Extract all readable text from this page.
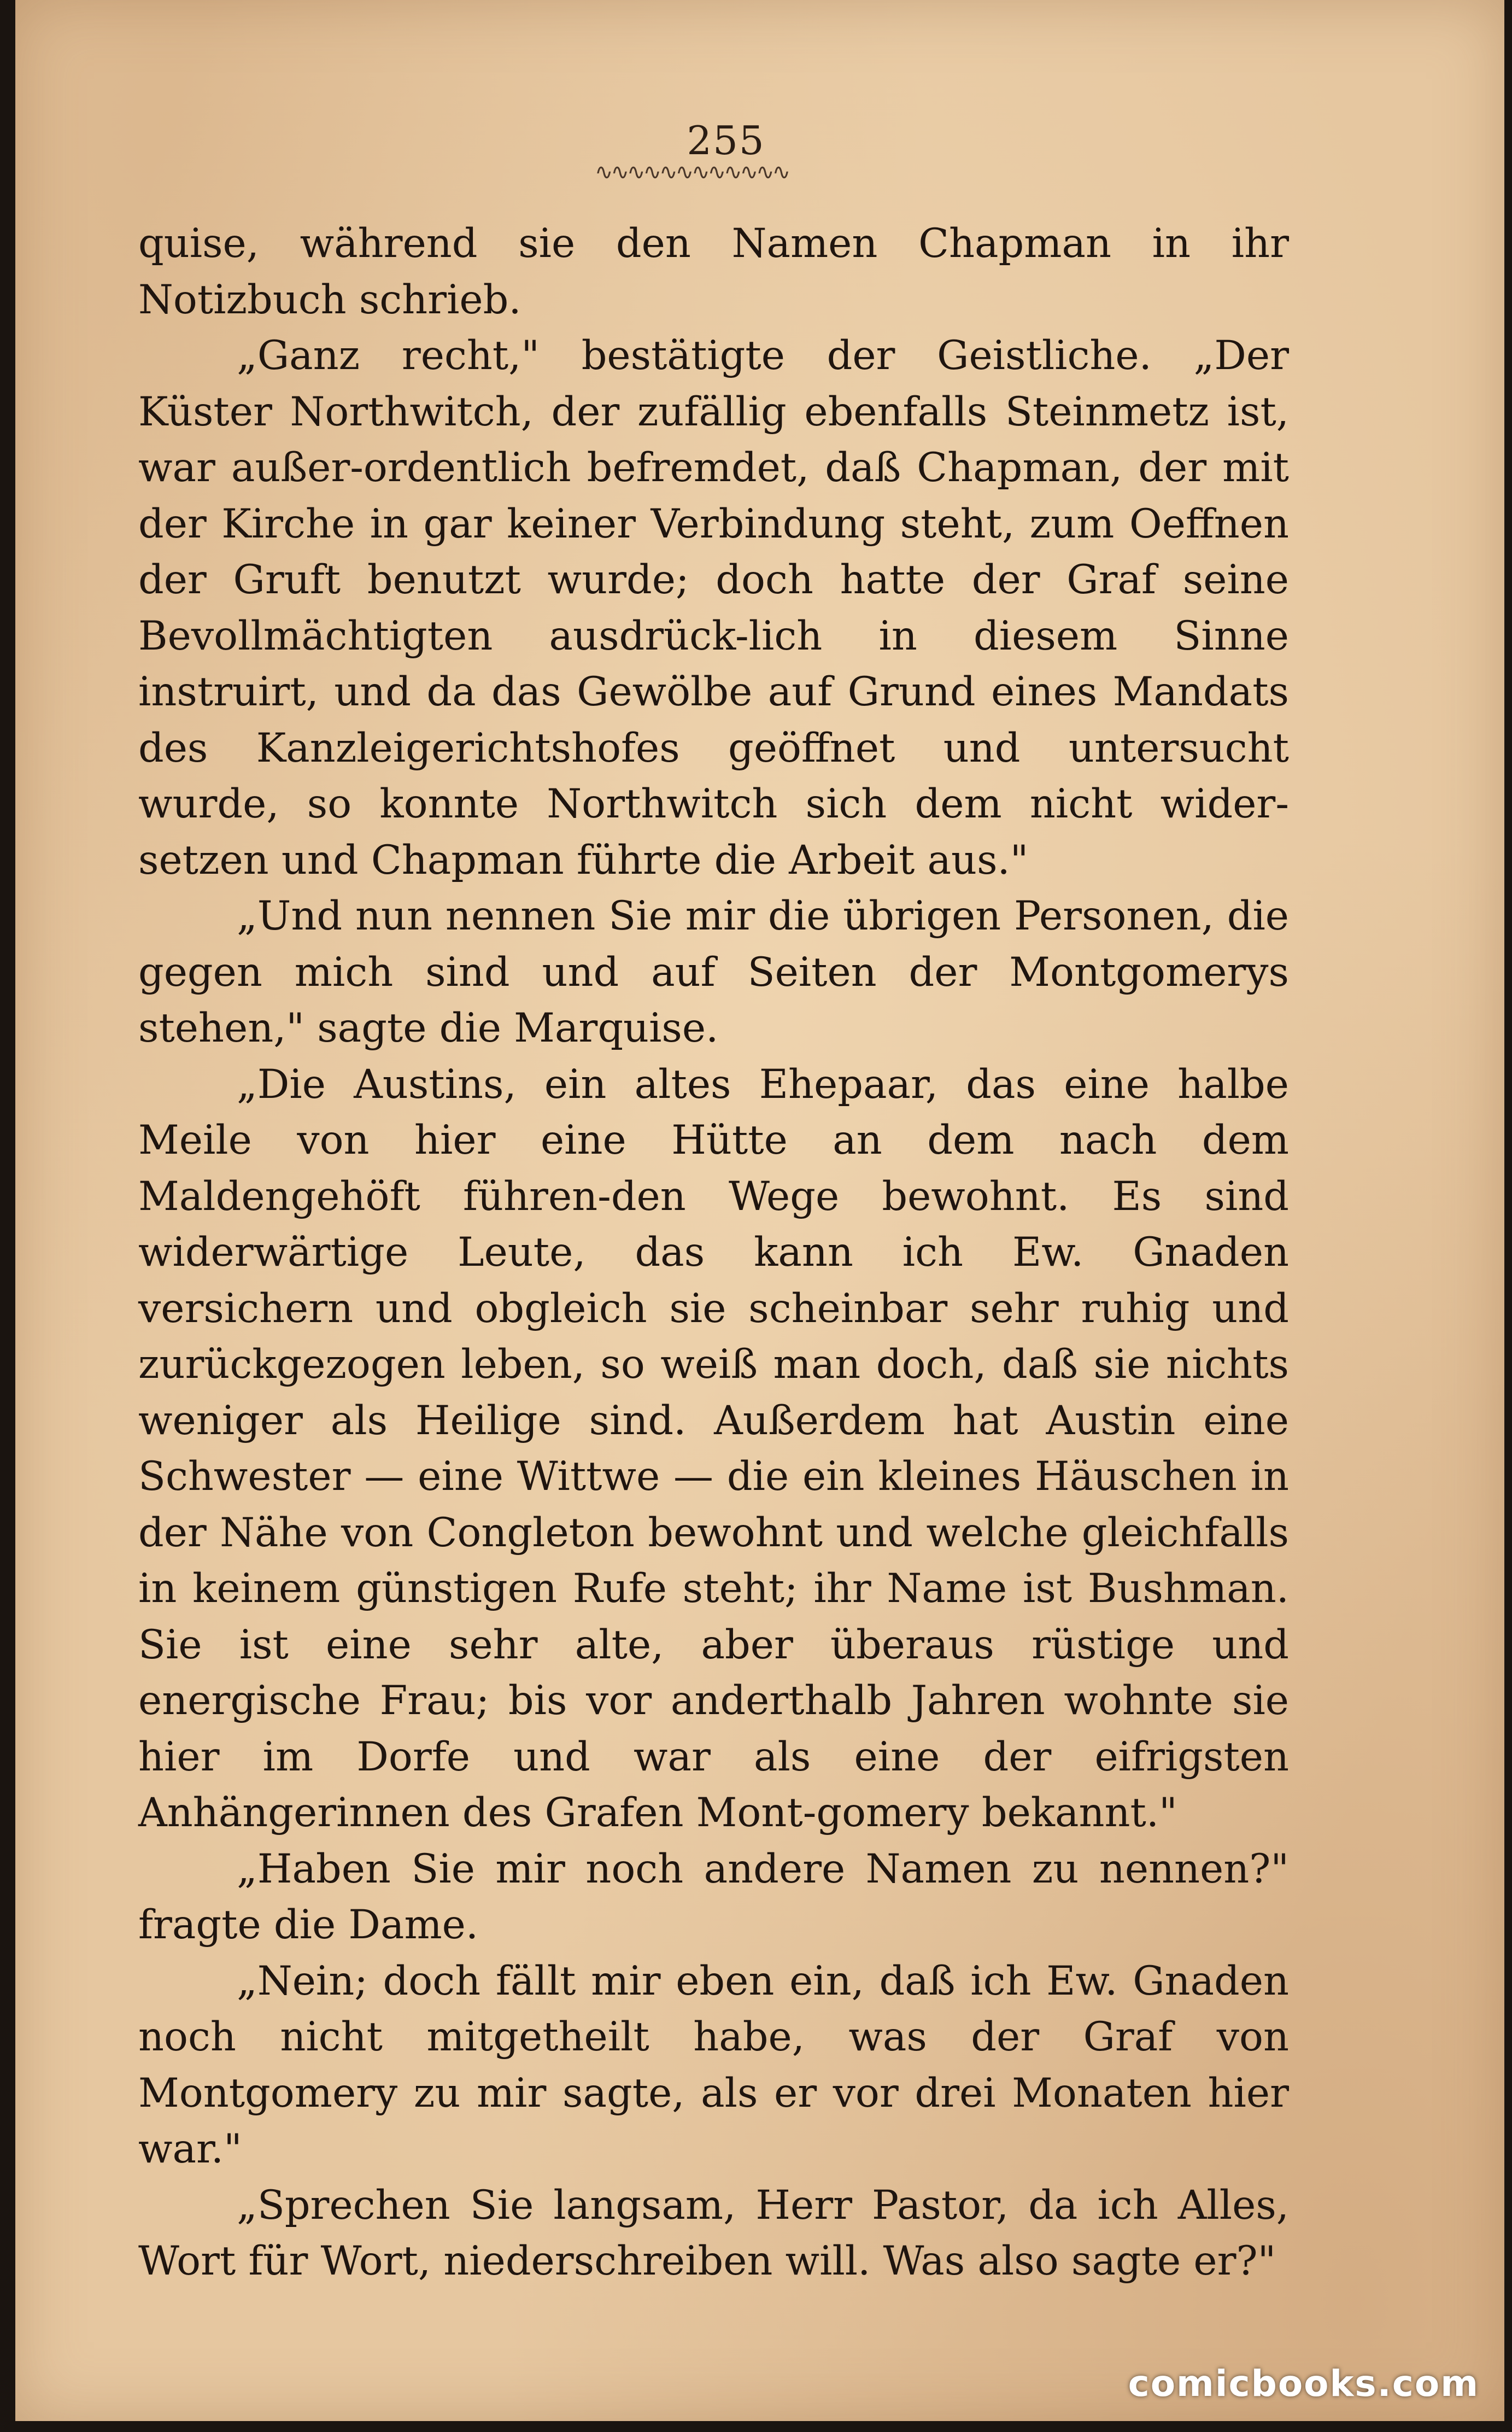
255
∿∿∿∿∿∿∿∿∿∿∿∿

quise, während sie den Namen Chapman in ihr Notizbuch schrieb.

„Ganz recht," bestätigte der Geistliche. „Der Küster Northwitch, der zufällig ebenfalls Steinmetz ist, war außer-ordentlich befremdet, daß Chapman, der mit der Kirche in gar keiner Verbindung steht, zum Oeffnen der Gruft benutzt wurde; doch hatte der Graf seine Bevollmächtigten ausdrück-lich in diesem Sinne instruirt, und da das Gewölbe auf Grund eines Mandats des Kanzleigerichtshofes geöffnet und untersucht wurde, so konnte Northwitch sich dem nicht wider-setzen und Chapman führte die Arbeit aus."

„Und nun nennen Sie mir die übrigen Personen, die gegen mich sind und auf Seiten der Montgomerys stehen," sagte die Marquise.

„Die Austins, ein altes Ehepaar, das eine halbe Meile von hier eine Hütte an dem nach dem Maldengehöft führen-den Wege bewohnt. Es sind widerwärtige Leute, das kann ich Ew. Gnaden versichern und obgleich sie scheinbar sehr ruhig und zurückgezogen leben, so weiß man doch, daß sie nichts weniger als Heilige sind. Außerdem hat Austin eine Schwester — eine Wittwe — die ein kleines Häuschen in der Nähe von Congleton bewohnt und welche gleichfalls in keinem günstigen Rufe steht; ihr Name ist Bushman. Sie ist eine sehr alte, aber überaus rüstige und energische Frau; bis vor anderthalb Jahren wohnte sie hier im Dorfe und war als eine der eifrigsten Anhängerinnen des Grafen Mont-gomery bekannt."

„Haben Sie mir noch andere Namen zu nennen?" fragte die Dame.

„Nein; doch fällt mir eben ein, daß ich Ew. Gnaden noch nicht mitgetheilt habe, was der Graf von Montgomery zu mir sagte, als er vor drei Monaten hier war."

„Sprechen Sie langsam, Herr Pastor, da ich Alles, Wort für Wort, niederschreiben will. Was also sagte er?"

comicbooks.com
